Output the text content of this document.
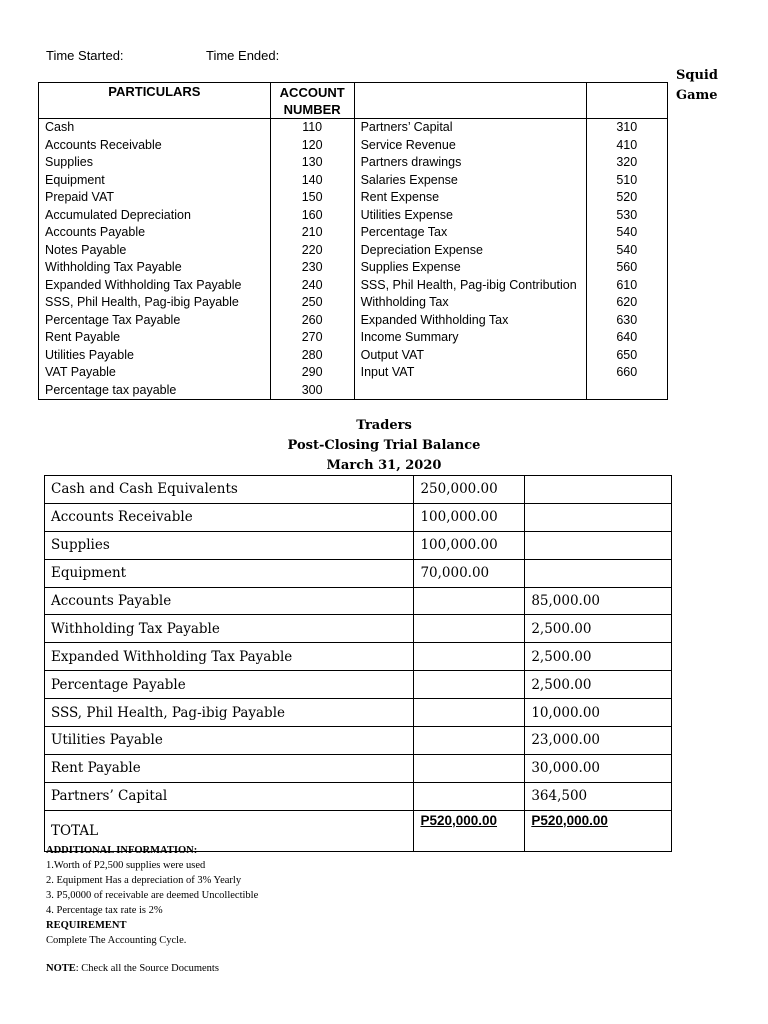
Time Started:	Time Ended:
Squid
Game
PARTICULARS	ACCOUNT
NUMBER		

Cash	110	Partners’ Capital	310
Accounts Receivable	120	Service Revenue	410
Supplies	130	Partners drawings	320
Equipment	140	Salaries Expense	510
Prepaid VAT	150	Rent Expense	520
Accumulated Depreciation	160	Utilities Expense	530
Accounts Payable	210	Percentage Tax	540
Notes Payable	220	Depreciation Expense	540
Withholding Tax Payable	230	Supplies Expense	560
Expanded Withholding Tax Payable	240	SSS, Phil Health, Pag-ibig Contribution	610
SSS, Phil Health, Pag-ibig Payable	250	Withholding Tax	620
Percentage Tax Payable	260	Expanded Withholding Tax	630
Rent Payable	270	Income Summary	640
Utilities Payable	280	Output VAT	650
VAT Payable	290	Input VAT	660
Percentage tax payable	300		
Traders
Post-Closing Trial Balance
March 31, 2020
Cash and Cash Equivalents	250,000.00	
Accounts Receivable	100,000.00	
Supplies	100,000.00	
Equipment	70,000.00	
Accounts Payable		85,000.00
Withholding Tax Payable		2,500.00
Expanded Withholding Tax Payable		2,500.00
Percentage Payable		2,500.00
SSS, Phil Health, Pag-ibig Payable		10,000.00
Utilities Payable		23,000.00
Rent Payable		30,000.00
Partners’ Capital		364,500
TOTAL	P520,000.00	P520,000.00
ADDITIONAL INFORMATION:
1.Worth of P2,500 supplies were used
2. Equipment Has a depreciation of 3% Yearly
3. P5,0000 of receivable are deemed Uncollectible
4. Percentage tax rate is 2%
REQUIREMENT
Complete The Accounting Cycle.
NOTE: Check all the Source Documents
